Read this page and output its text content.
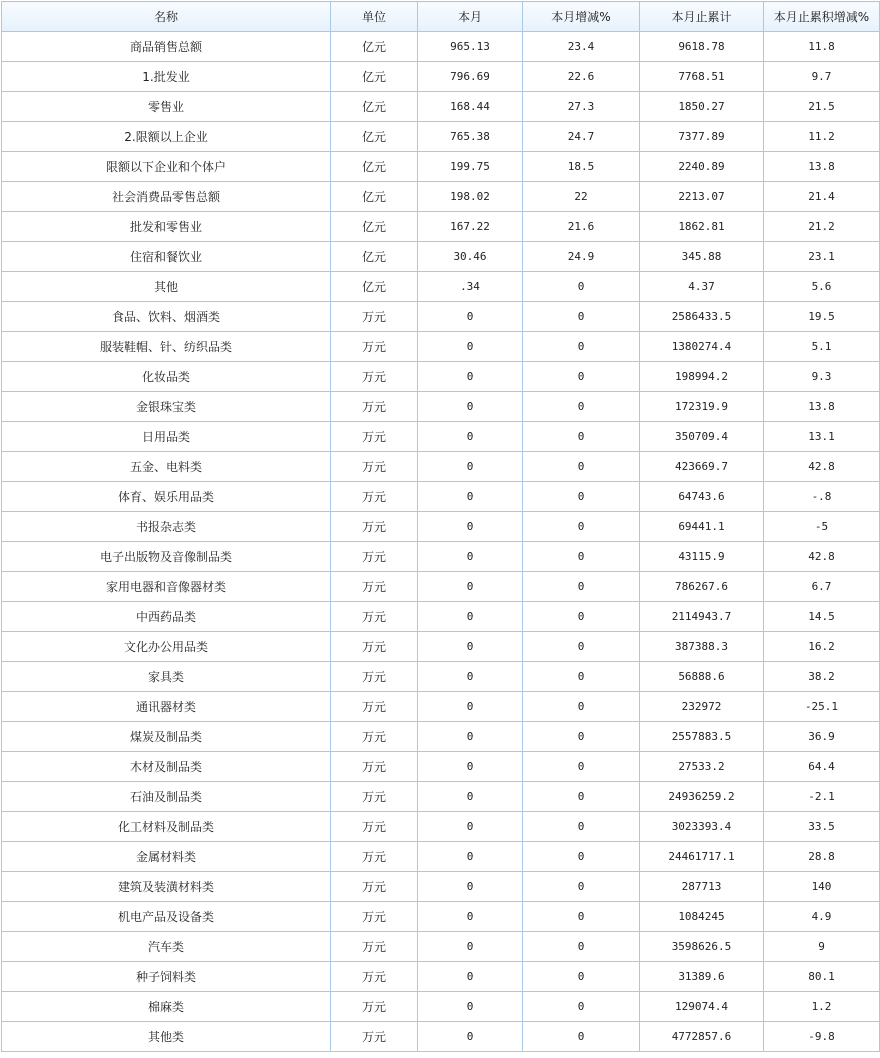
名称	单位	本月	本月增减%	本月止累计	本月止累积增减%
商品销售总额	亿元	965.13	23.4	9618.78	11.8
1.批发业	亿元	796.69	22.6	7768.51	9.7
零售业	亿元	168.44	27.3	1850.27	21.5
2.限额以上企业	亿元	765.38	24.7	7377.89	11.2
限额以下企业和个体户	亿元	199.75	18.5	2240.89	13.8
社会消费品零售总额	亿元	198.02	22	2213.07	21.4
批发和零售业	亿元	167.22	21.6	1862.81	21.2
住宿和餐饮业	亿元	30.46	24.9	345.88	23.1
其他	亿元	.34	0	4.37	5.6
食品、饮料、烟酒类	万元	0	0	2586433.5	19.5
服装鞋帽、针、纺织品类	万元	0	0	1380274.4	5.1
化妆品类	万元	0	0	198994.2	9.3
金银珠宝类	万元	0	0	172319.9	13.8
日用品类	万元	0	0	350709.4	13.1
五金、电料类	万元	0	0	423669.7	42.8
体育、娱乐用品类	万元	0	0	64743.6	-.8
书报杂志类	万元	0	0	69441.1	-5
电子出版物及音像制品类	万元	0	0	43115.9	42.8
家用电器和音像器材类	万元	0	0	786267.6	6.7
中西药品类	万元	0	0	2114943.7	14.5
文化办公用品类	万元	0	0	387388.3	16.2
家具类	万元	0	0	56888.6	38.2
通讯器材类	万元	0	0	232972	-25.1
煤炭及制品类	万元	0	0	2557883.5	36.9
木材及制品类	万元	0	0	27533.2	64.4
石油及制品类	万元	0	0	24936259.2	-2.1
化工材料及制品类	万元	0	0	3023393.4	33.5
金属材料类	万元	0	0	24461717.1	28.8
建筑及装潢材料类	万元	0	0	287713	140
机电产品及设备类	万元	0	0	1084245	4.9
汽车类	万元	0	0	3598626.5	9
种子饲料类	万元	0	0	31389.6	80.1
棉麻类	万元	0	0	129074.4	1.2
其他类	万元	0	0	4772857.6	-9.8
